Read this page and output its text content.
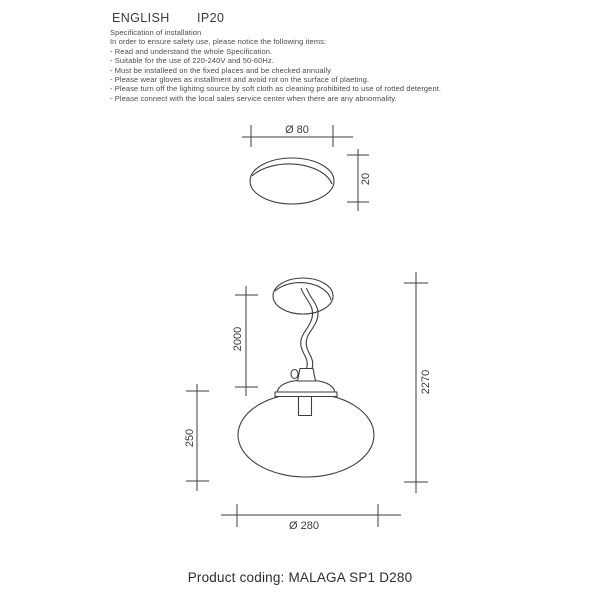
ENGLISH IP20
Specification of installation
In order to ensure safety use, please notice the following items:
- Read and understand the whole Specification.
- Suitable for the use of 220-240V and 50-60Hz.
- Must be installeed on the fixed places and be checked annually
- Please wear gloves as installment and avoid rot on the surface of plaeting.
- Please turn off the lighitng source by soft cloth as cleaning prohibited to use of rotted detergent.
- Please connect with the local sales service center when there are any abnormality.
Ø 80
20
2000
250
2270
Ø 280
Product coding: MALAGA SP1 D280
